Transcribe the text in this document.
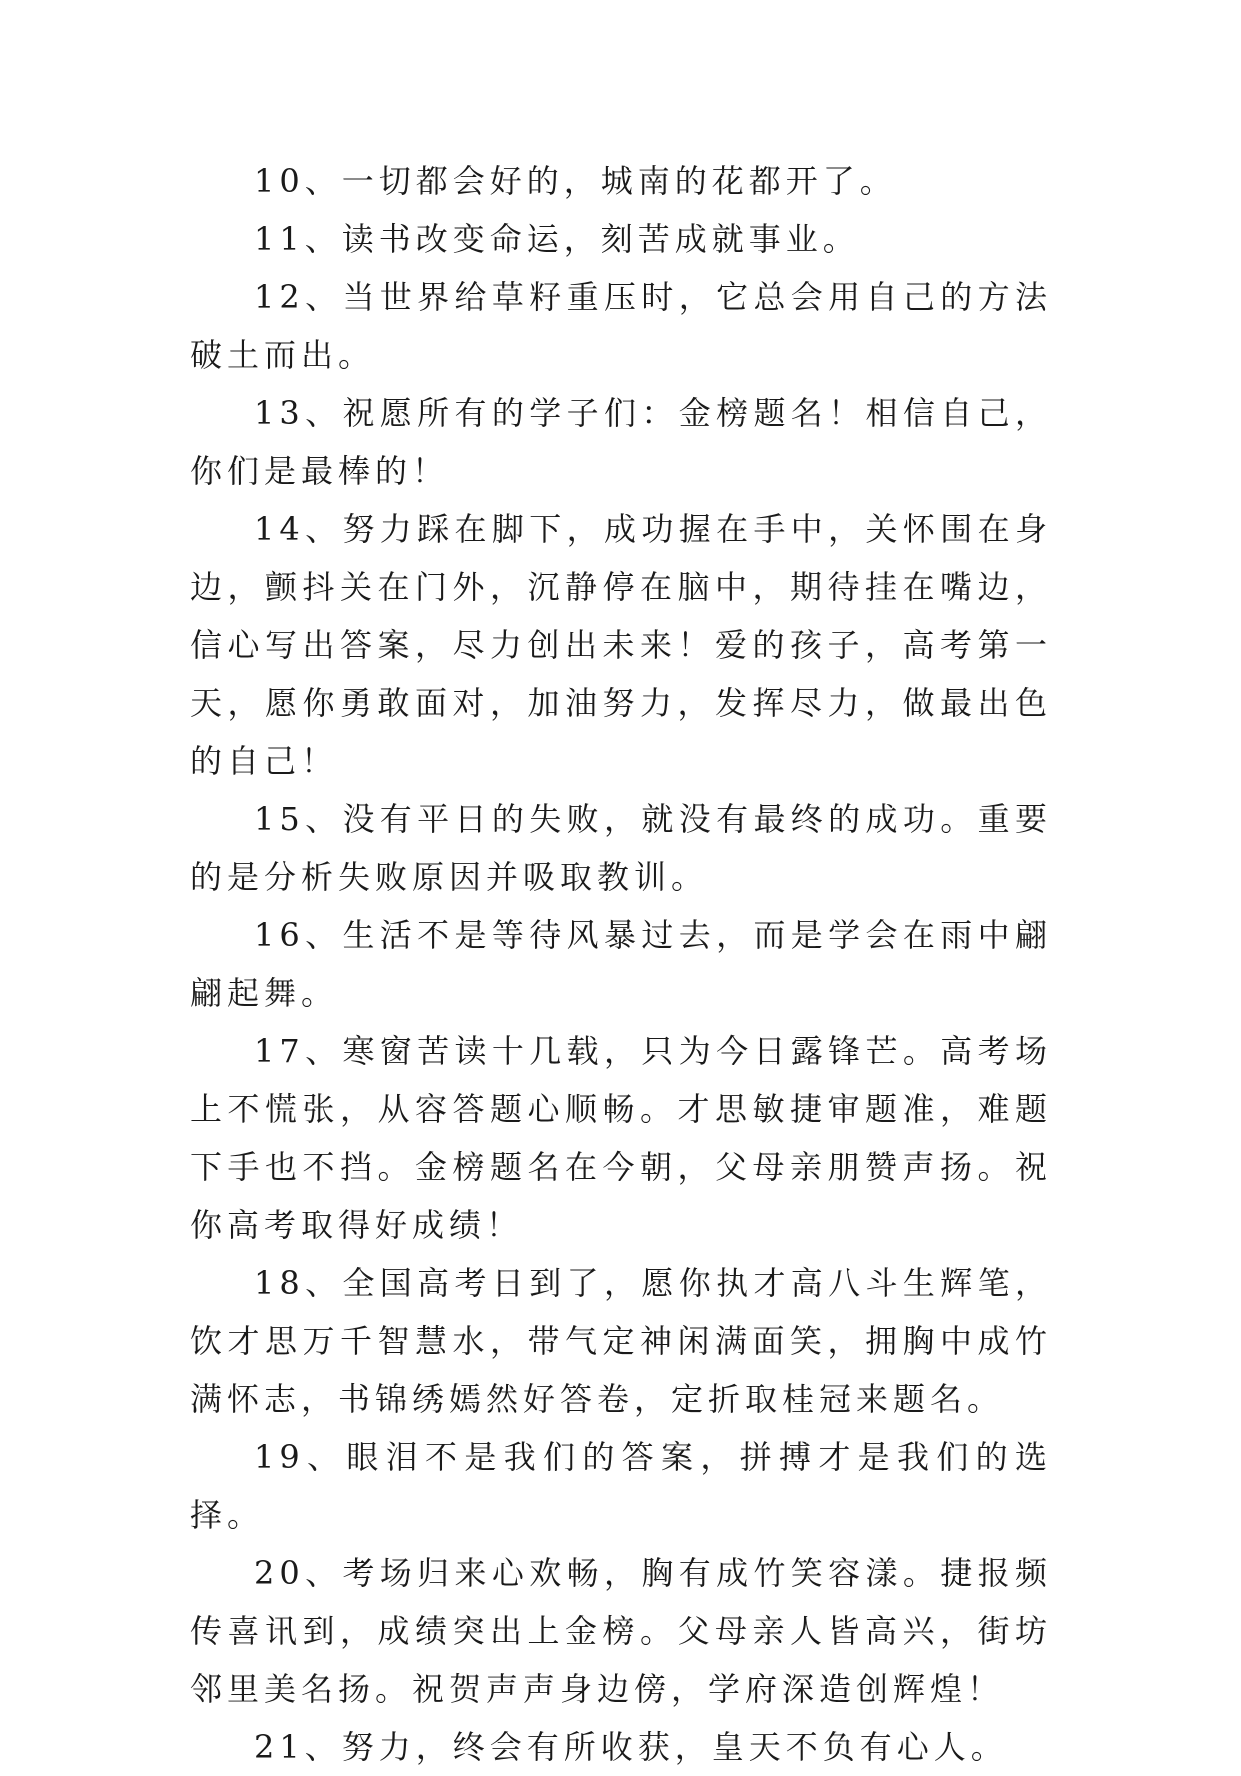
10、一切都会好的，城南的花都开了。

11、读书改变命运，刻苦成就事业。

12、当世界给草籽重压时，它总会用自己的方法破土而出。

13、祝愿所有的学子们：金榜题名！相信自己，你们是最棒的！

14、努力踩在脚下，成功握在手中，关怀围在身边，颤抖关在门外，沉静停在脑中，期待挂在嘴边，信心写出答案，尽力创出未来！爱的孩子，高考第一天，愿你勇敢面对，加油努力，发挥尽力，做最出色的自己！

15、没有平日的失败，就没有最终的成功。重要的是分析失败原因并吸取教训。

16、生活不是等待风暴过去，而是学会在雨中翩翩起舞。

17、寒窗苦读十几载，只为今日露锋芒。高考场上不慌张，从容答题心顺畅。才思敏捷审题准，难题下手也不挡。金榜题名在今朝，父母亲朋赞声扬。祝你高考取得好成绩！

18、全国高考日到了，愿你执才高八斗生辉笔，饮才思万千智慧水，带气定神闲满面笑，拥胸中成竹满怀志，书锦绣嫣然好答卷，定折取桂冠来题名。

19、眼泪不是我们的答案，拼搏才是我们的选择。

20、考场归来心欢畅，胸有成竹笑容漾。捷报频传喜讯到，成绩突出上金榜。父母亲人皆高兴，街坊邻里美名扬。祝贺声声身边傍，学府深造创辉煌！

21、努力，终会有所收获，皇天不负有心人。
